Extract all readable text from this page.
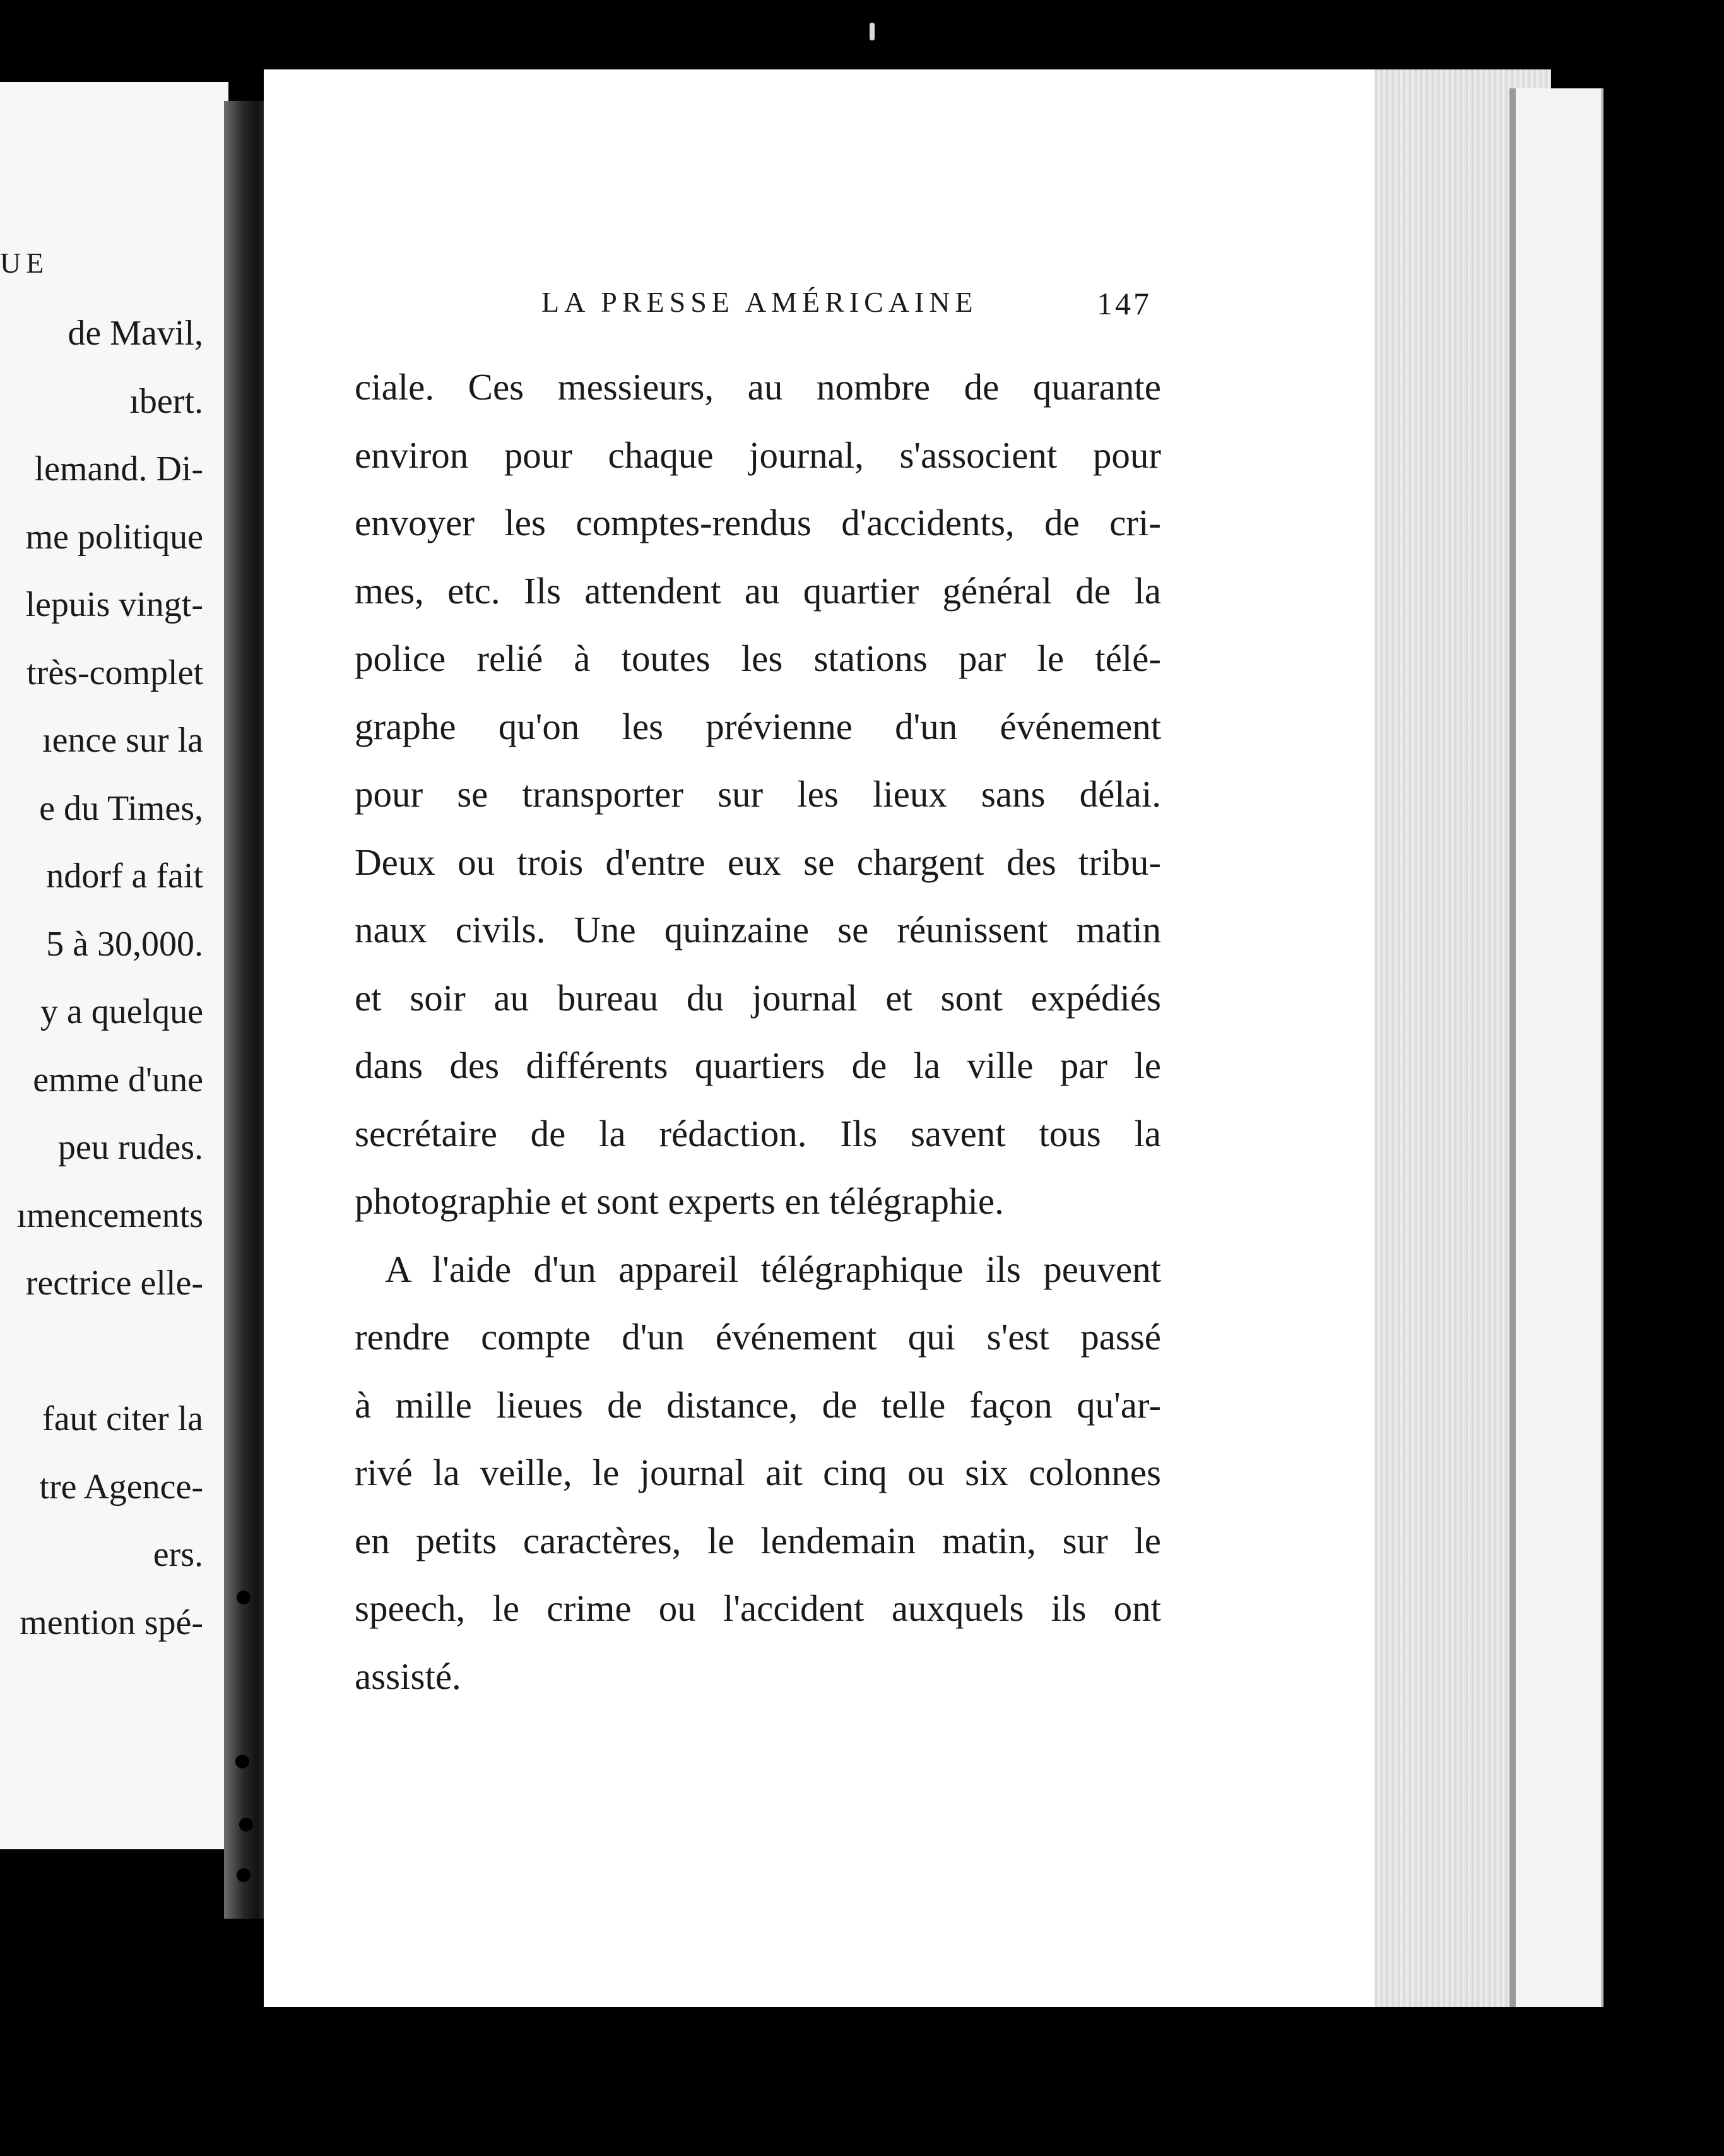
UE
de Mavil,
ıbert.
lemand. Di-
me politique
lepuis vingt-
très-complet
ıence sur la
e du Times,
ndorf a fait
5 à 30,000.
y a quelque
emme d'une
peu rudes.
ımencements
rectrice elle-
faut citer la
tre Agence-
ers.
mention spé-
LA PRESSE AMÉRICAINE	147
ciale. Ces messieurs, au nombre de quarante
environ pour chaque journal, s'associent pour
envoyer les comptes-rendus d'accidents, de cri-
mes, etc. Ils attendent au quartier général de la
police relié à toutes les stations par le télé-
graphe qu'on les prévienne d'un événement
pour se transporter sur les lieux sans délai.
Deux ou trois d'entre eux se chargent des tribu-
naux civils. Une quinzaine se réunissent matin
et soir au bureau du journal et sont expédiés
dans des différents quartiers de la ville par le
secrétaire de la rédaction. Ils savent tous la
photographie et sont experts en télégraphie.
A l'aide d'un appareil télégraphique ils peuvent
rendre compte d'un événement qui s'est passé
à mille lieues de distance, de telle façon qu'ar-
rivé la veille, le journal ait cinq ou six colonnes
en petits caractères, le lendemain matin, sur le
speech, le crime ou l'accident auxquels ils ont
assisté.
